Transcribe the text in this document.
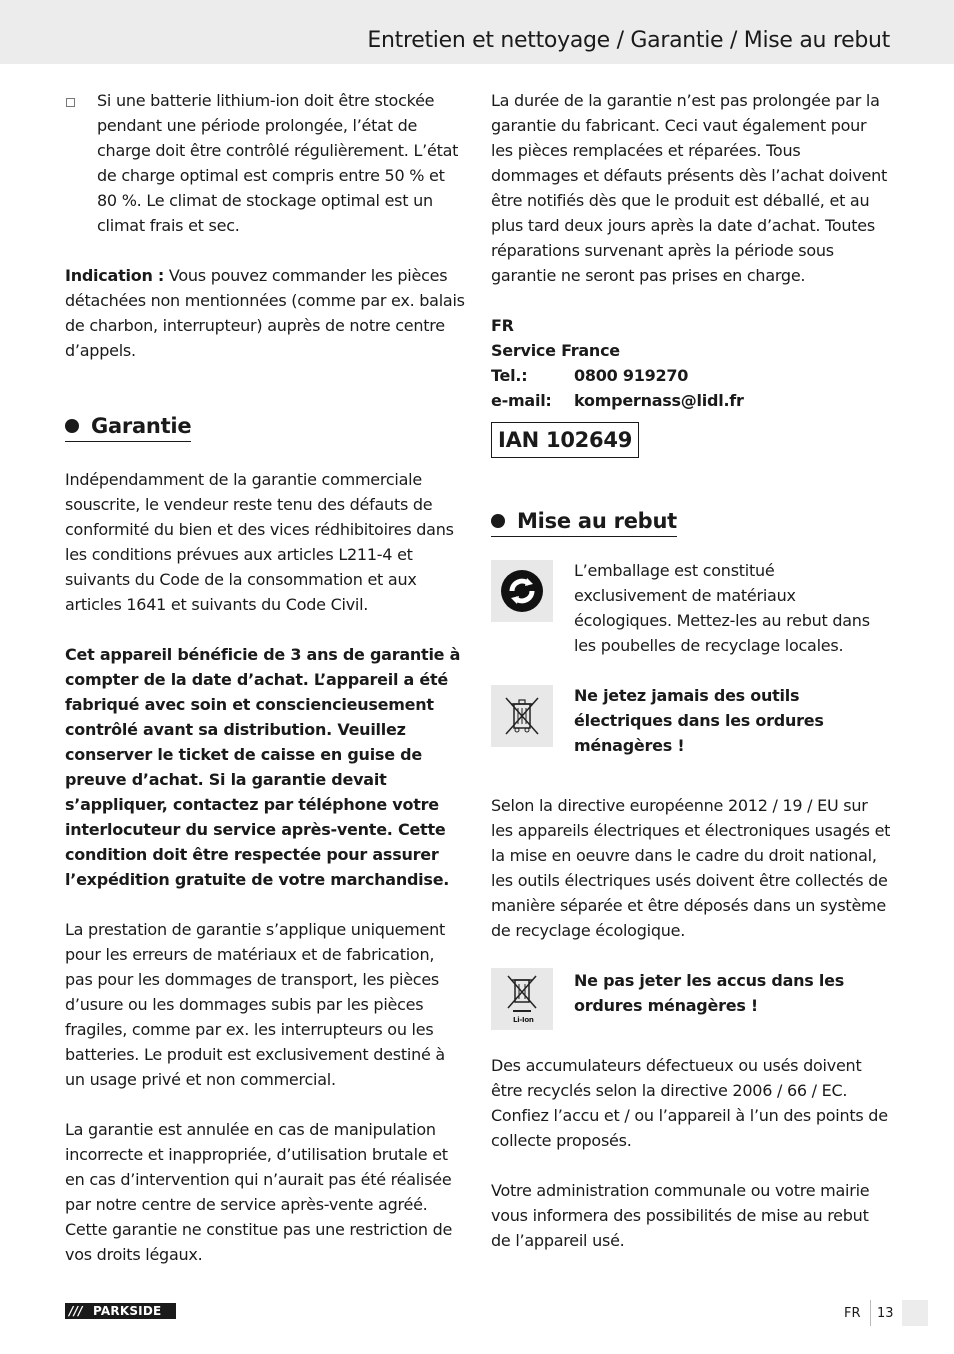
Entretien et nettoyage / Garantie / Mise au rebut

Si une batterie lithium-ion doit être stockée pendant une période prolongée, l’état de charge doit être contrôlé régulièrement. L’état de charge optimal est compris entre 50 % et 80 %. Le climat de stockage optimal est un climat frais et sec.

Indication : Vous pouvez commander les pièces détachées non mentionnées (comme par ex. balais de charbon, interrupteur) auprès de notre centre d’appels.

Garantie

Indépendamment de la garantie commerciale souscrite, le vendeur reste tenu des défauts de conformité du bien et des vices rédhibitoires dans les conditions prévues aux articles L211-4 et suivants du Code de la consommation et aux articles 1641 et suivants du Code Civil.

Cet appareil bénéficie de 3 ans de garantie à compter de la date d’achat. L’appareil a été fabriqué avec soin et consciencieusement contrôlé avant sa distribution. Veuillez conserver le ticket de caisse en guise de preuve d’achat. Si la garantie devait s’appliquer, contactez par téléphone votre interlocuteur du service après-vente. Cette condition doit être respectée pour assurer l’expédition gratuite de votre marchandise.

La prestation de garantie s’applique uniquement pour les erreurs de matériaux et de fabrication, pas pour les dommages de transport, les pièces d’usure ou les dommages subis par les pièces fragiles, comme par ex. les interrupteurs ou les batteries. Le produit est exclusivement destiné à un usage privé et non commercial.

La garantie est annulée en cas de manipulation incorrecte et inappropriée, d’utilisation brutale et en cas d’intervention qui n’aurait pas été réalisée par notre centre de service après-vente agréé. Cette garantie ne constitue pas une restriction de vos droits légaux.

La durée de la garantie n’est pas prolongée par la garantie du fabricant. Ceci vaut également pour les pièces remplacées et réparées. Tous dommages et défauts présents dès l’achat doivent être notifiés dès que le produit est déballé, et au plus tard deux jours après la date d’achat. Toutes réparations survenant après la période sous garantie ne seront pas prises en charge.

FR
Service France
Tel.:	0800 919270
e-mail:	kompernass@lidl.fr
IAN 102649
Mise au rebut

L’emballage est constitué exclusivement de matériaux écologiques. Mettez-les au rebut dans les poubelles de recyclage locales.

Ne jetez jamais des outils électriques dans les ordures ménagères !

Selon la directive européenne 2012 / 19 / EU sur les appareils électriques et électroniques usagés et la mise en oeuvre dans le cadre du droit national, les outils électriques usés doivent être collectés de manière séparée et être déposés dans un système de recyclage écologique.

Li-Ion

Ne pas jeter les accus dans les ordures ménagères !

Des accumulateurs défectueux ou usés doivent être recyclés selon la directive 2006 / 66 / EC.

Confiez l’accu et / ou l’appareil à l’un des points de collecte proposés.

Votre administration communale ou votre mairie vous informera des possibilités de mise au rebut de l’appareil usé.

/// PARKSIDE	FR 13
